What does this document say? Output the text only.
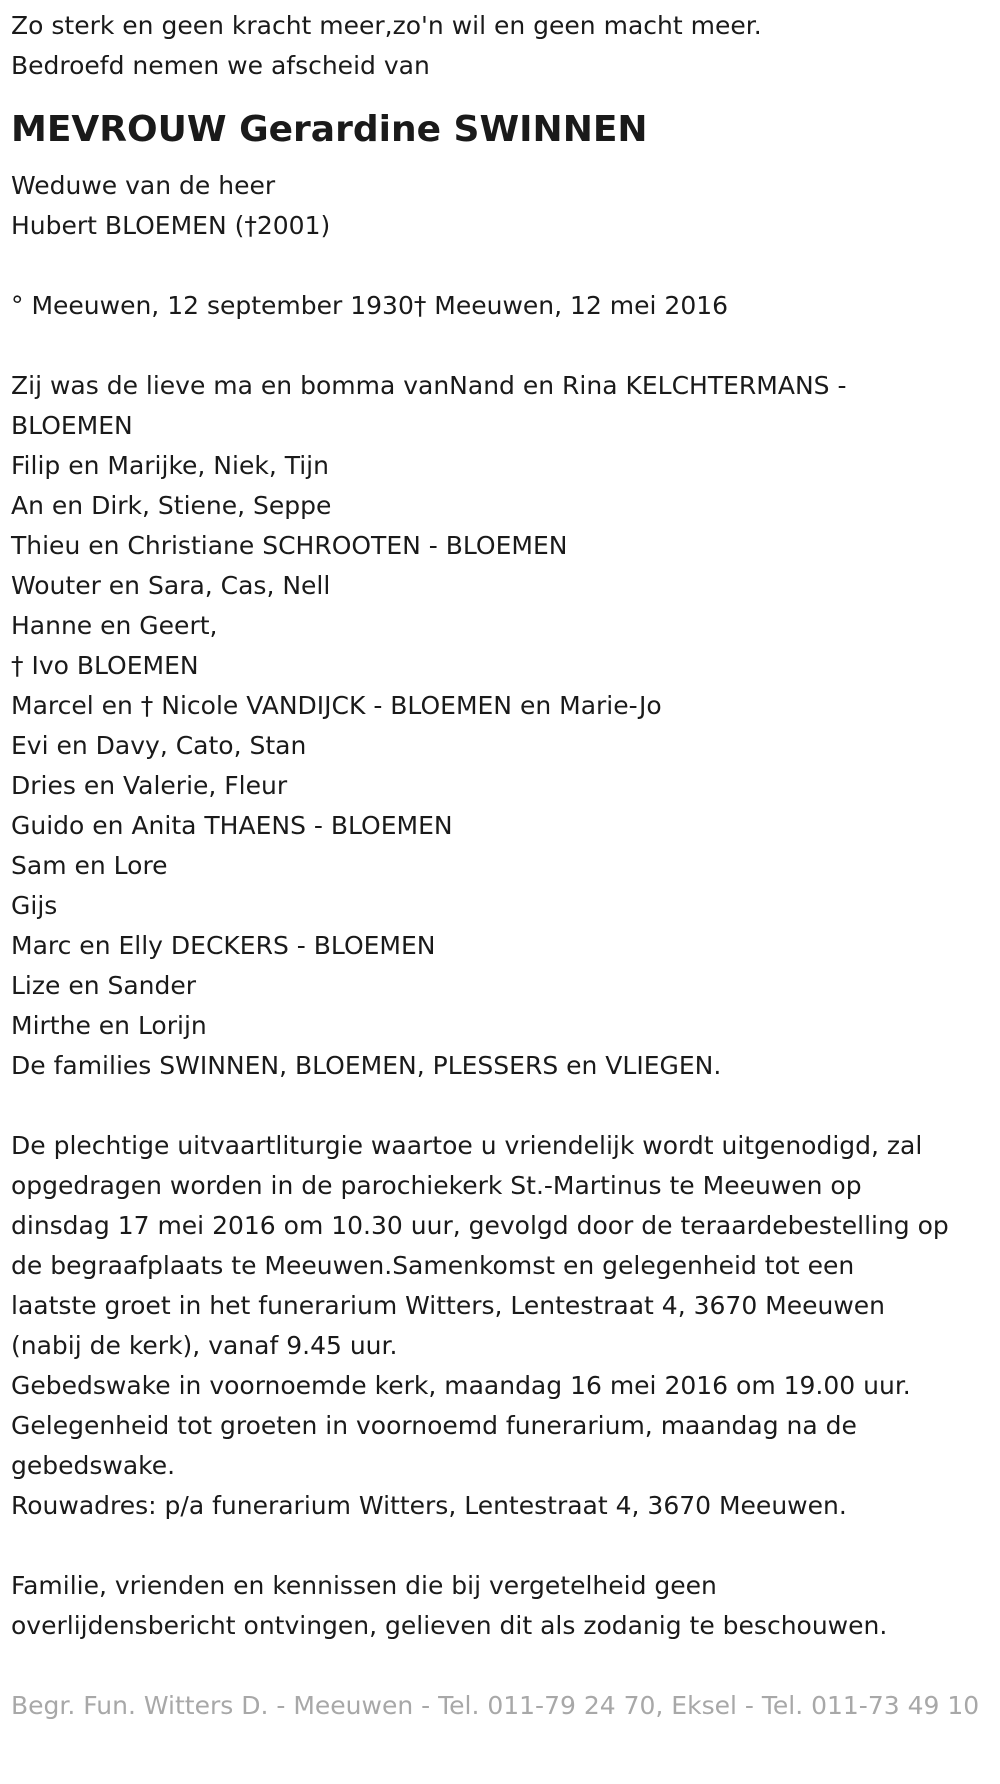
Zo sterk en geen kracht meer,zo'n wil en geen macht meer.
Bedroefd nemen we afscheid van
MEVROUW Gerardine SWINNEN
Weduwe van de heer
Hubert BLOEMEN (†2001)
° Meeuwen, 12 september 1930† Meeuwen, 12 mei 2016
Zij was de lieve ma en bomma vanNand en Rina KELCHTERMANS - BLOEMEN
Filip en Marijke, Niek, Tijn
An en Dirk, Stiene, Seppe
Thieu en Christiane SCHROOTEN - BLOEMEN
Wouter en Sara, Cas, Nell
Hanne en Geert,
† Ivo BLOEMEN
Marcel en † Nicole VANDIJCK - BLOEMEN en Marie-Jo
Evi en Davy, Cato, Stan
Dries en Valerie, Fleur
Guido en Anita THAENS - BLOEMEN
Sam en Lore
Gijs
Marc en Elly DECKERS - BLOEMEN
Lize en Sander
Mirthe en Lorijn
De families SWINNEN, BLOEMEN, PLESSERS en VLIEGEN.
De plechtige uitvaartliturgie waartoe u vriendelijk wordt uitgenodigd, zal
opgedragen worden in de parochiekerk St.-Martinus te Meeuwen op
dinsdag 17 mei 2016 om 10.30 uur, gevolgd door de teraardebestelling op
de begraafplaats te Meeuwen.Samenkomst en gelegenheid tot een
laatste groet in het funerarium Witters, Lentestraat 4, 3670 Meeuwen
(nabij de kerk), vanaf 9.45 uur.
Gebedswake in voornoemde kerk, maandag 16 mei 2016 om 19.00 uur.
Gelegenheid tot groeten in voornoemd funerarium, maandag na de
gebedswake.
Rouwadres: p/a funerarium Witters, Lentestraat 4, 3670 Meeuwen.
Familie, vrienden en kennissen die bij vergetelheid geen
overlijdensbericht ontvingen, gelieven dit als zodanig te beschouwen.
Begr. Fun. Witters D. - Meeuwen - Tel. 011-79 24 70, Eksel - Tel. 011-73 49 10
